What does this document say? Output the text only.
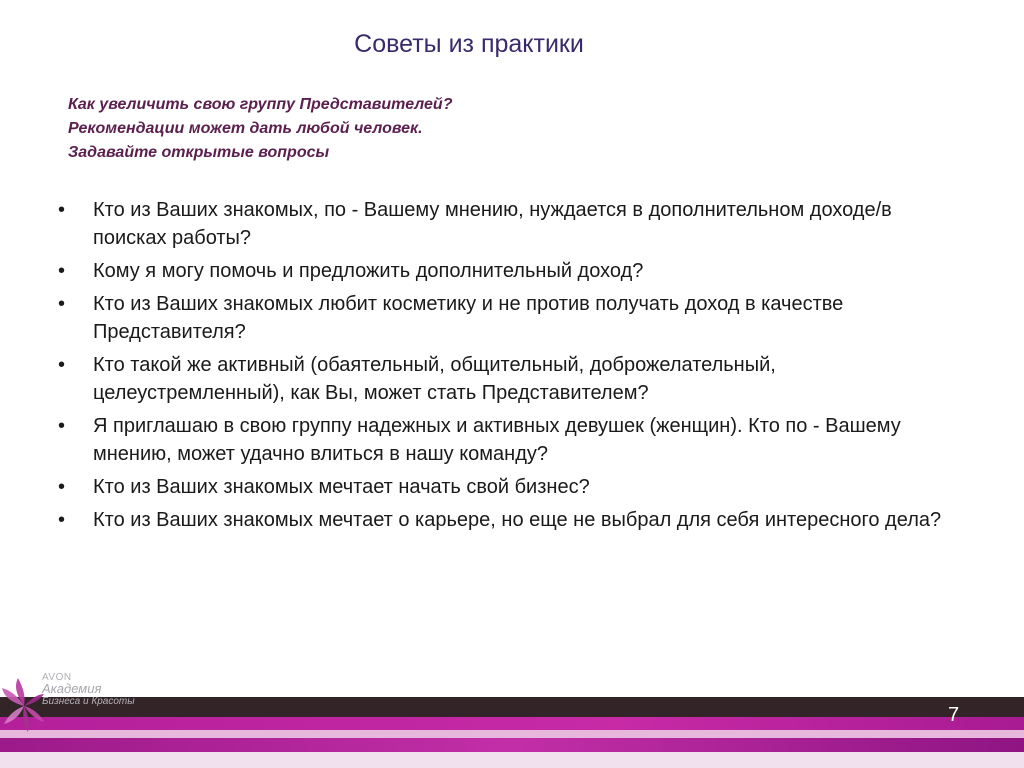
Советы из практики
Как увеличить свою группу Представителей?
Рекомендации может дать любой человек.
Задавайте открытые вопросы
•	Кто из Ваших знакомых, по - Вашему мнению, нуждается в дополнительном доходе/в поисках работы?
•	Кому я могу помочь и предложить дополнительный доход?
•	Кто из Ваших знакомых любит косметику и не против получать доход в качестве Представителя?
•	Кто такой же активный (обаятельный, общительный, доброжелательный, целеустремленный), как Вы, может стать Представителем?
•	Я приглашаю в свою группу надежных и активных девушек (женщин). Кто по - Вашему мнению, может удачно влиться в нашу команду?
•	Кто из Ваших знакомых мечтает начать свой бизнес?
•	Кто из Ваших знакомых мечтает о карьере, но еще не выбрал для себя интересного дела?
7
AVON
Академия
Бизнеса и Красоты
